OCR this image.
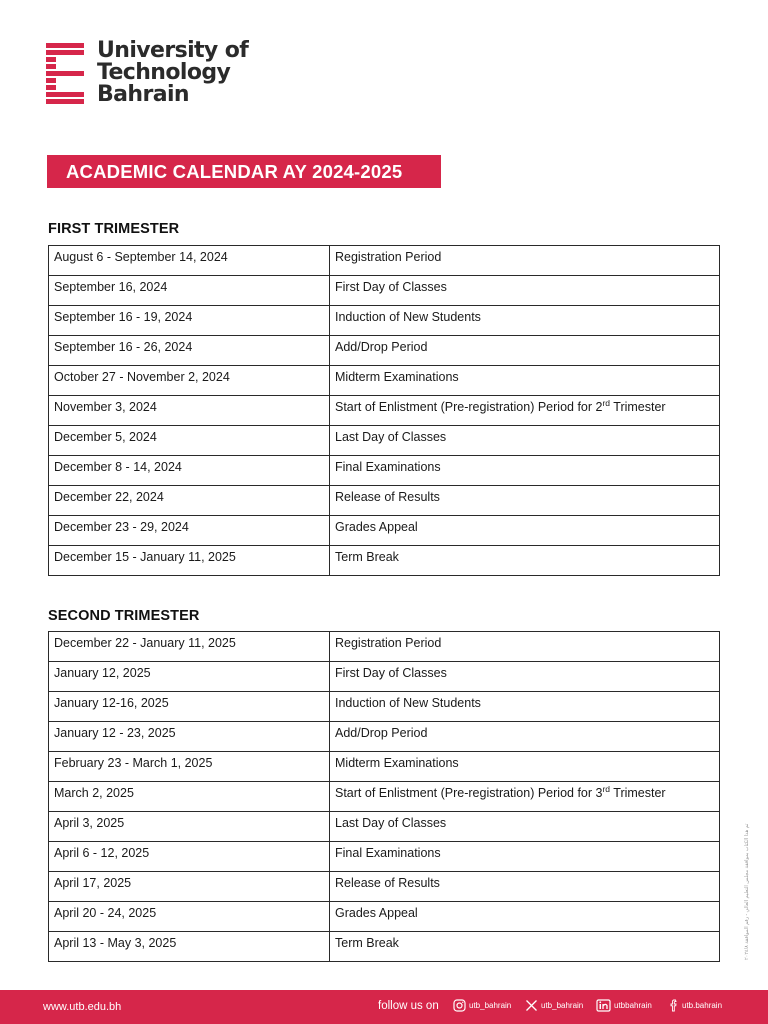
University of
Technology
Bahrain
ACADEMIC CALENDAR AY 2024-2025
FIRST TRIMESTER
August 6 - September 14, 2024	Registration Period
September 16, 2024	First Day of Classes
September 16 - 19, 2024	Induction of New Students
September 16 - 26, 2024	Add/Drop Period
October 27 - November 2, 2024	Midterm Examinations
November 3, 2024	Start of Enlistment (Pre-registration) Period for 2rd Trimester
December 5, 2024	Last Day of Classes
December 8 - 14, 2024	Final Examinations
December 22, 2024	Release of Results
December 23 - 29, 2024	Grades Appeal
December 15 - January 11, 2025	Term Break
SECOND TRIMESTER
December 22 - January 11, 2025	Registration Period
January 12, 2025	First Day of Classes
January 12-16, 2025	Induction of New Students
January 12 - 23, 2025	Add/Drop Period
February 23 - March 1, 2025	Midterm Examinations
March 2, 2025	Start of Enlistment (Pre-registration) Period for 3rd Trimester
April 3, 2025	Last Day of Classes
April 6 - 12, 2025	Final Examinations
April 17, 2025	Release of Results
April 20 - 24, 2025	Grades Appeal
April 13 - May 3, 2025	Term Break
تم هذا الكتاب بموافقة مجلس التعليم العالي - رقم الموافقة ٢٠٢٤/٨
www.utb.edu.bh	follow us on	utb_bahrain	utb_bahrain	utbbahrain	utb.bahrain
